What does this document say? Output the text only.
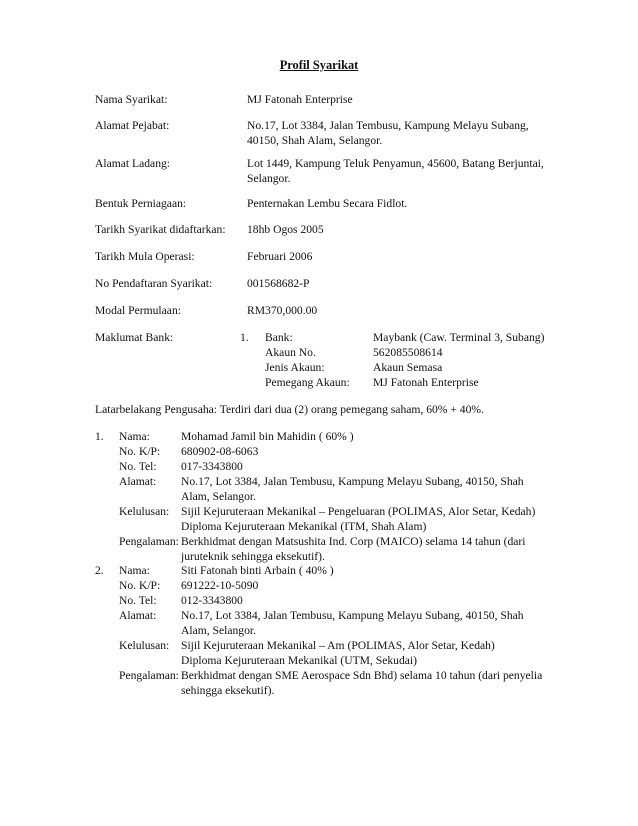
Profil Syarikat
Nama Syarikat:	MJ Fatonah Enterprise
Alamat Pejabat:	No.17, Lot 3384, Jalan Tembusu, Kampung Melayu Subang,
40150, Shah Alam, Selangor.
Alamat Ladang:	Lot 1449, Kampung Teluk Penyamun, 45600, Batang Berjuntai,
Selangor.
Bentuk Perniagaan:	Penternakan Lembu Secara Fidlot.
Tarikh Syarikat didaftarkan: 18hb Ogos 2005
Tarikh Mula Operasi:	Februari 2006
No Pendaftaran Syarikat:	001568682-P
Modal Permulaan:	RM370,000.00
Maklumat Bank:	1. Bank:	Maybank (Caw. Terminal 3, Subang)
Akaun No.	562085508614
Jenis Akaun:	Akaun Semasa
Pemegang Akaun: MJ Fatonah Enterprise
Latarbelakang Pengusaha: Terdiri dari dua (2) orang pemegang saham, 60% + 40%.
1. Nama:	Mohamad Jamil bin Mahidin ( 60% )
No. K/P: 680902-08-6063
No. Tel: 017-3343800
Alamat: No.17, Lot 3384, Jalan Tembusu, Kampung Melayu Subang, 40150, Shah
Alam, Selangor.
Kelulusan: Sijil Kejuruteraan Mekanikal – Pengeluaran (POLIMAS, Alor Setar, Kedah)
Diploma Kejuruteraan Mekanikal (ITM, Shah Alam)
Pengalaman: Berkhidmat dengan Matsushita Ind. Corp (MAICO) selama 14 tahun (dari
juruteknik sehingga eksekutif).
2. Nama:	Siti Fatonah binti Arbain ( 40% )
No. K/P: 691222-10-5090
No. Tel: 012-3343800
Alamat: No.17, Lot 3384, Jalan Tembusu, Kampung Melayu Subang, 40150, Shah
Alam, Selangor.
Kelulusan: Sijil Kejuruteraan Mekanikal – Am (POLIMAS, Alor Setar, Kedah)
Diploma Kejuruteraan Mekanikal (UTM, Sekudai)
Pengalaman: Berkhidmat dengan SME Aerospace Sdn Bhd) selama 10 tahun (dari penyelia
sehingga eksekutif).
